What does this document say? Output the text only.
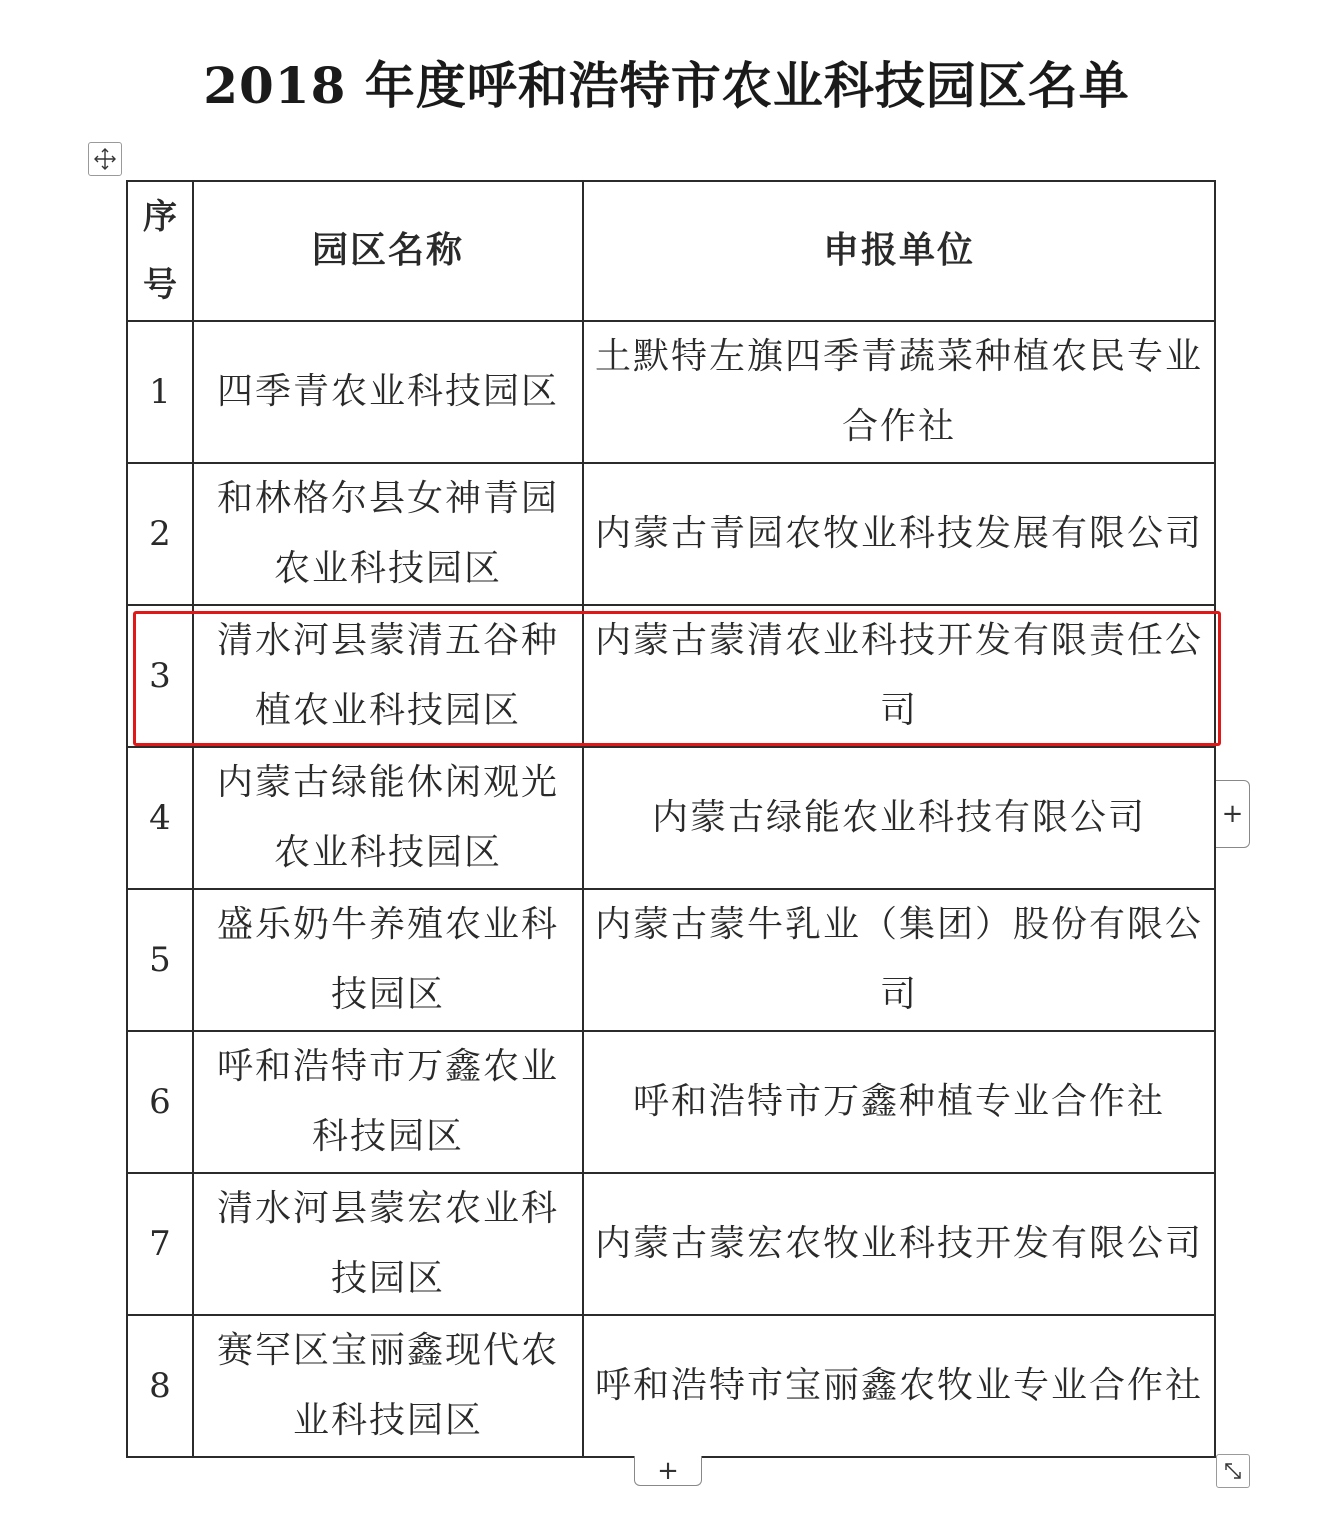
2018 年度呼和浩特市农业科技园区名单
序号	园区名称	申报单位
1	四季青农业科技园区	土默特左旗四季青蔬菜种植农民专业合作社
2	和林格尔县女神青园农业科技园区	内蒙古青园农牧业科技发展有限公司
3	清水河县蒙清五谷种植农业科技园区	内蒙古蒙清农业科技开发有限责任公司
4	内蒙古绿能休闲观光农业科技园区	内蒙古绿能农业科技有限公司
5	盛乐奶牛养殖农业科技园区	内蒙古蒙牛乳业（集团）股份有限公司
6	呼和浩特市万鑫农业科技园区	呼和浩特市万鑫种植专业合作社
7	清水河县蒙宏农业科技园区	内蒙古蒙宏农牧业科技开发有限公司
8	赛罕区宝丽鑫现代农业科技园区	呼和浩特市宝丽鑫农牧业专业合作社
+
+
